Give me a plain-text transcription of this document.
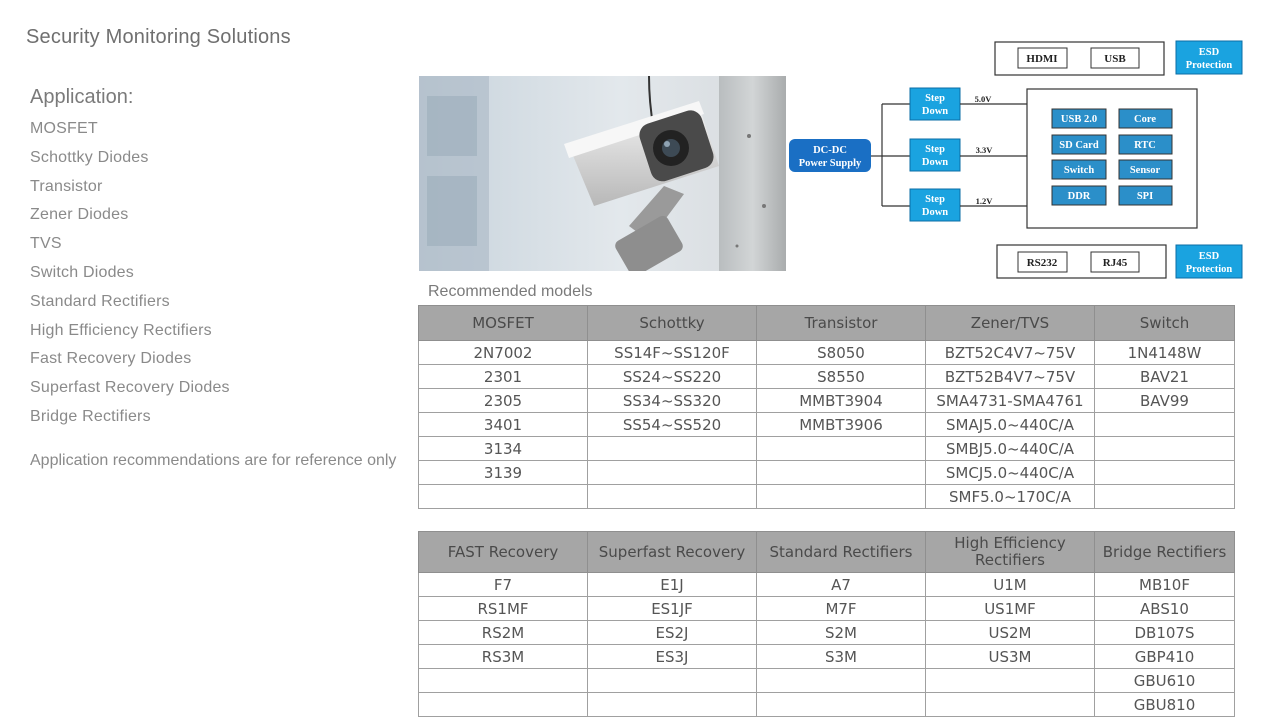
Security Monitoring Solutions
Application:
MOSFET
Schottky Diodes
Transistor
Zener Diodes
TVS
Switch Diodes
Standard Rectifiers
High Efficiency Rectifiers
Fast Recovery Diodes
Superfast Recovery Diodes
Bridge Rectifiers
Application recommendations are for reference only
HDMI	USB
ESD
Protection
DC-DC
Power Supply
Step
Down
Step
Down
Step
Down
5.0V
3.3V
1.2V
USB 2.0	Core
SD Card	RTC
Switch	Sensor
DDR	SPI
RS232	RJ45
ESD
Protection
Recommended models
MOSFET	Schottky	Transistor	Zener/TVS	Switch
2N7002	SS14F~SS120F	S8050	BZT52C4V7~75V	1N4148W
2301	SS24~SS220	S8550	BZT52B4V7~75V	BAV21
2305	SS34~SS320	MMBT3904	SMA4731-SMA4761	BAV99
3401	SS54~SS520	MMBT3906	SMAJ5.0~440C/A	
3134			SMBJ5.0~440C/A	
3139			SMCJ5.0~440C/A	
			SMF5.0~170C/A	
FAST Recovery	Superfast Recovery	Standard Rectifiers	High Efficiency Rectifiers	Bridge Rectifiers
F7	E1J	A7	U1M	MB10F
RS1MF	ES1JF	M7F	US1MF	ABS10
RS2M	ES2J	S2M	US2M	DB107S
RS3M	ES3J	S3M	US3M	GBP410
				GBU610
				GBU810
